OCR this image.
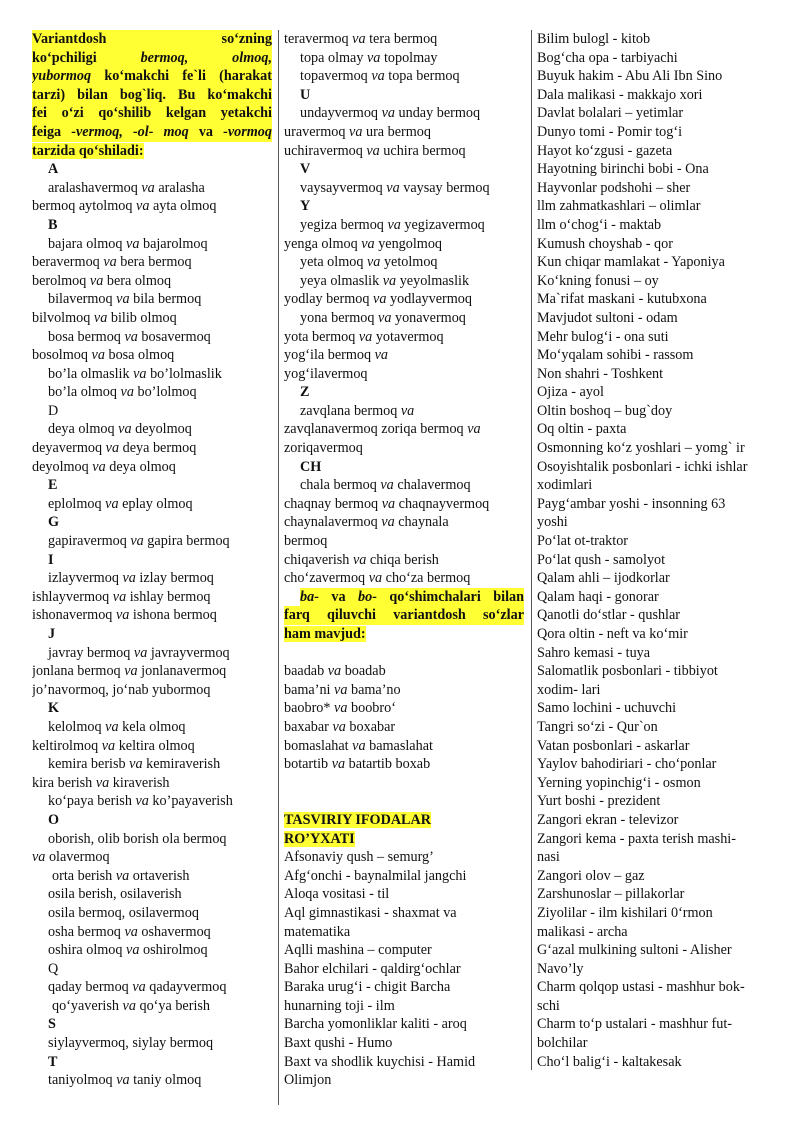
Variantdosh so‘zning
ko‘pchiligi bermoq, olmoq,
yubormoq ko‘makchi fe`li (harakat
tarzi) bilan bog`liq. Bu ko‘makchi
fei o‘zi qo‘shilib kelgan yetakchi
feiga -vermoq, -ol- moq va -vormoq
tarzida qo‘shiladi:
A
aralashavermoq va aralasha
bermoq aytolmoq va ayta olmoq
B
bajara olmoq va bajarolmoq
beravermoq va bera bermoq
berolmoq va bera olmoq
bilavermoq va bila bermoq
bilvolmoq va bilib olmoq
bosa bermoq va bosavermoq
bosolmoq va bosa olmoq
bo’la olmaslik va bo’lolmaslik
bo’la olmoq va bo’lolmoq
D
deya olmoq va deyolmoq
deyavermoq va deya bermoq
deyolmoq va deya olmoq
E
eplolmoq va eplay olmoq
G
gapiravermoq va gapira bermoq
I
izlayvermoq va izlay bermoq
ishlayvermoq va ishlay bermoq
ishonavermoq va ishona bermoq
J
javray bermoq va javrayvermoq
jonlana bermoq va jonlanavermoq
jo’navormoq, jo‘nab yubormoq
K
kelolmoq va kela olmoq
keltirolmoq va keltira olmoq
kemira berisb va kemiraverish
kira berish va kiraverish
ko‘paya berish va ko’payaverish
O
oborish, olib borish ola bermoq
va olavermoq
orta berish va ortaverish
osila berish, osilaverish
osila bermoq, osilavermoq
osha bermoq va oshavermoq
oshira olmoq va oshirolmoq
Q
qaday bermoq va qadayvermoq
qo‘yaverish va qo‘ya berish
S
siylayvermoq, siylay bermoq
T
taniyolmoq va taniy olmoq
teravermoq va tera bermoq
topa olmay va topolmay
topavermoq va topa bermoq
U
undayvermoq va unday bermoq
uravermoq va ura bermoq
uchiravermoq va uchira bermoq
V
vaysayvermoq va vaysay bermoq
Y
yegiza bermoq va yegizavermoq
yenga olmoq va yengolmoq
yeta olmoq va yetolmoq
yeya olmaslik va yeyolmaslik
yodlay bermoq va yodlayvermoq
yona bermoq va yonavermoq
yota bermoq va yotavermoq
yog‘ila bermoq va
yog‘ilavermoq
Z
zavqlana bermoq va
zavqlanavermoq zoriqa bermoq va
zoriqavermoq
CH
chala bermoq va chalavermoq
chaqnay bermoq va chaqnayvermoq
chaynalavermoq va chaynala
bermoq
chiqaverish va chiqa berish
cho‘zavermoq va cho‘za bermoq
ba- va bo- qo‘shimchalari bilan
farq qiluvchi variantdosh so‘zlar
ham mavjud:
baadab va boadab
bama’ni va bama’no
baobro* va boobro‘
baxabar va boxabar
bomaslahat va bamaslahat
botartib va batartib boxab
TASVIRIY IFODALAR
RO’YXATI
Afsonaviy qush – semurg’
Afg‘onchi - baynalmilal jangchi
Aloqa vositasi - til
Aql gimnastikasi - shaxmat va
matematika
Aqlli mashina – computer
Bahor elchilari - qaldirg‘ochlar
Baraka urug‘i - chigit Barcha
hunarning toji - ilm
Barcha yomonliklar kaliti - aroq
Baxt qushi - Humo
Baxt va shodlik kuychisi - Hamid
Olimjon
Bilim bulogl - kitob
Bog‘cha opa - tarbiyachi
Buyuk hakim - Abu Ali Ibn Sino
Dala malikasi - makkajo xori
Davlat bolalari – yetimlar
Dunyo tomi - Pomir tog‘i
Hayot ko‘zgusi - gazeta
Hayotning birinchi bobi - Ona
Hayvonlar podshohi – sher
llm zahmatkashlari – olimlar
llm o‘chog‘i - maktab
Kumush choyshab - qor
Kun chiqar mamlakat - Yaponiya
Ko‘kning fonusi – oy
Ma`rifat maskani - kutubxona
Mavjudot sultoni - odam
Mehr bulog‘i - ona suti
Mo‘yqalam sohibi - rassom
Non shahri - Toshkent
Ojiza - ayol
Oltin boshoq – bug`doy
Oq oltin - paxta
Osmonning ko‘z yoshlari – yomg` ir
Osoyishtalik posbonlari - ichki ishlar
xodimlari
Payg‘ambar yoshi - insonning 63
yoshi
Po‘lat ot-traktor
Po‘lat qush - samolyot
Qalam ahli – ijodkorlar
Qalam haqi - gonorar
Qanotli do‘stlar - qushlar
Qora oltin - neft va ko‘mir
Sahro kemasi - tuya
Salomatlik posbonlari - tibbiyot
xodim- lari
Samo lochini - uchuvchi
Tangri so‘zi - Qur`on
Vatan posbonlari - askarlar
Yaylov bahodiriari - cho‘ponlar
Yerning yopinchig‘i - osmon
Yurt boshi - prezident
Zangori ekran - televizor
Zangori kema - paxta terish mashi-
nasi
Zangori olov – gaz
Zarshunoslar – pillakorlar
Ziyolilar - ilm kishilari 0‘rmon
malikasi - archa
G‘azal mulkining sultoni - Alisher
Navo’ly
Charm qolqop ustasi - mashhur bok-
schi
Charm to‘p ustalari - mashhur fut-
bolchilar
Cho‘l balig‘i - kaltakesak
